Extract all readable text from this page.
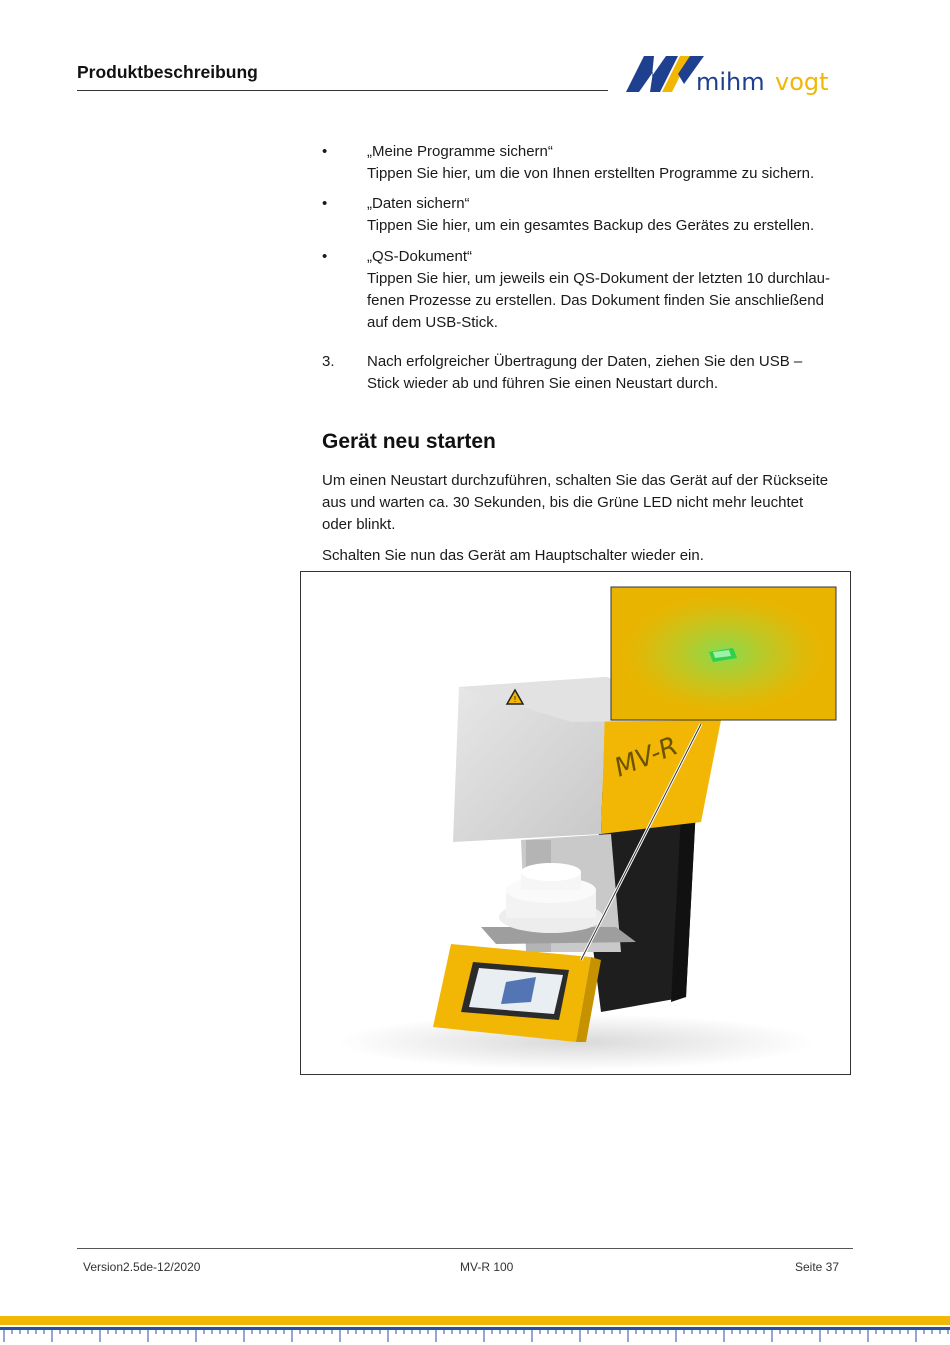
Produktbeschreibung	mihm vogt
•	„Meine Programme sichern“
Tippen Sie hier, um die von Ihnen erstellten Programme zu sichern.
•	„Daten sichern“
Tippen Sie hier, um ein gesamtes Backup des Gerätes zu erstellen.
•	„QS-Dokument“
Tippen Sie hier, um jeweils ein QS-Dokument der letzten 10 durchlau-
fenen Prozesse zu erstellen. Das Dokument finden Sie anschließend
auf dem USB-Stick.
3. Nach erfolgreicher Übertragung der Daten, ziehen Sie den USB –
Stick wieder ab und führen Sie einen Neustart durch.
Gerät neu starten
Um einen Neustart durchzuführen, schalten Sie das Gerät auf der Rückseite
aus und warten ca. 30 Sekunden, bis die Grüne LED nicht mehr leuchtet
oder blinkt.
Schalten Sie nun das Gerät am Hauptschalter wieder ein.
!
MV-R
Version2.5de-12/2020	MV-R 100	Seite 37
